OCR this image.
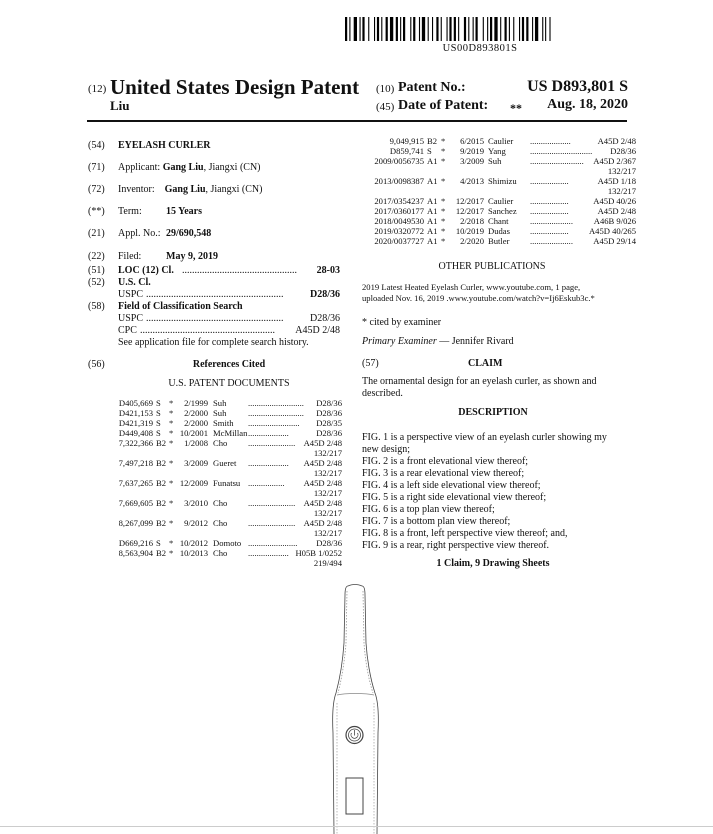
US00D893801S
(12) United States Design Patent (10) Patent No.:	US D893,801 S
Liu	(45) Date of Patent: **	Aug. 18, 2020
(54) EYELASH CURLER
(71) Applicant: Gang Liu, Jiangxi (CN)
(72) Inventor: Gang Liu, Jiangxi (CN)
(**) Term: 15 Years
(21) Appl. No.: 29/690,548
(22) Filed: May 9, 2019
(51) LOC (12) Cl. ..............................................	28-03
(52) U.S. Cl.
USPC .......................................................	D28/36
(58) Field of Classification Search
USPC .......................................................	D28/36
CPC ......................................................	A45D 2/48
See application file for complete search history.
(56)	References Cited
U.S. PATENT DOCUMENTS
D405,669 S *	2/1999 Suh	..........................	D28/36
D421,153 S *	2/2000 Suh	..........................	D28/36
D421,319 S *	2/2000 Smith ........................	D28/35
D449,408 S * 10/2001 McMillan ...................	D28/36
7,322,366 B2 *	1/2008 Cho ...................... A45D 2/48
132/217
7,497,218 B2 *	3/2009 Gueret ...................	A45D 2/48
132/217
7,637,265 B2 * 12/2009 Funatsu .................	A45D 2/48
132/217
7,669,605 B2 *	3/2010 Cho ...................... A45D 2/48
132/217
8,267,099 B2 *	9/2012 Cho ...................... A45D 2/48
132/217
D669,216 S * 10/2012 Domoto .......................	D28/36
8,563,904 B2 * 10/2013 Cho ................... H05B 1/0252
219/494
9,049,915 B2 *	6/2015 Caulier ...................	A45D 2/48
D859,741 S *	9/2019 Yang	.............................	D28/36
2009/0056735 A1 *	3/2009 Suh	.........................	A45D 2/367
132/217
2013/0098387 A1 *	4/2013 Shimizu ..................	A45D 1/18
132/217
2017/0354237 A1 *	12/2017 Caulier ..................	A45D 40/26
2017/0360177 A1 *	12/2017 Sanchez ..................	A45D 2/48
2018/0049530 A1 *	2/2018 Chant ....................	A46B 9/026
2019/0320772 A1 *	10/2019 Dudas ..................	A45D 40/265
2020/0037727 A1 *	2/2020 Butler ....................	A45D 29/14
OTHER PUBLICATIONS
2019 Latest Heated Eyelash Curler, www.youtube.com, 1 page,
uploaded Nov. 16, 2019 .www.youtube.com/watch?v=Ij6Eskub3c.*
* cited by examiner
Primary Examiner — Jennifer Rivard
(57)	CLAIM
The ornamental design for an eyelash curler, as shown and
described.
DESCRIPTION
FIG. 1 is a perspective view of an eyelash curler showing my
new design;
FIG. 2 is a front elevational view thereof;
FIG. 3 is a rear elevational view thereof;
FIG. 4 is a left side elevational view thereof;
FIG. 5 is a right side elevational view thereof;
FIG. 6 is a top plan view thereof;
FIG. 7 is a bottom plan view thereof;
FIG. 8 is a front, left perspective view thereof; and,
FIG. 9 is a rear, right perspective view thereof.
1 Claim, 9 Drawing Sheets
